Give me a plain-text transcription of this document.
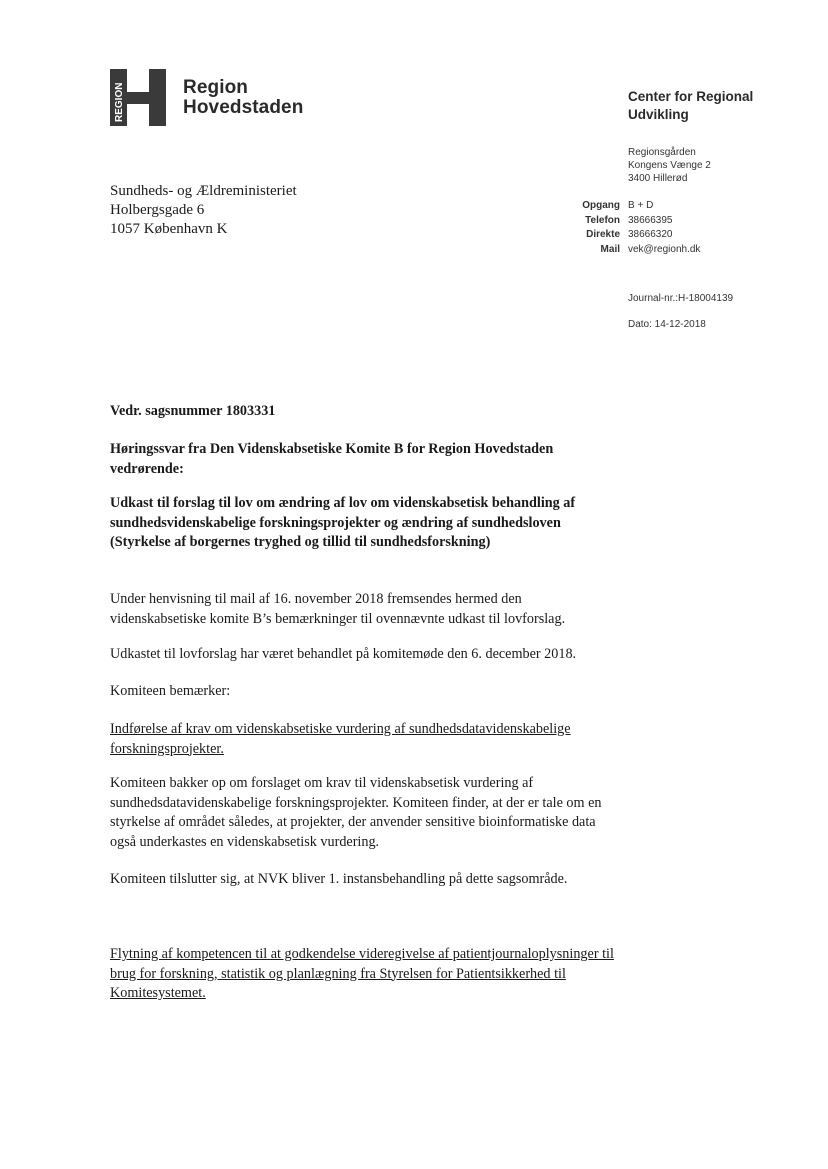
REGION	Region
Hovedstaden
Center for Regional
Udvikling
Regionsgården
Kongens Vænge 2
3400 Hillerød
Opgang
Telefon
Direkte
Mail
B + D
38666395
38666320
vek@regionh.dk
Journal-nr.:H-18004139
Dato: 14-12-2018
Sundheds- og Ældreministeriet
Holbergsgade 6
1057 København K

Vedr. sagsnummer 1803331

Høringssvar fra Den Videnskabsetiske Komite B for Region Hovedstaden vedrørende:

Udkast til forslag til lov om ændring af lov om videnskabsetisk behandling af sundhedsvidenskabelige forskningsprojekter og ændring af sundhedsloven (Styrkelse af borgernes tryghed og tillid til sundhedsforskning)

Under henvisning til mail af 16. november 2018 fremsendes hermed den videnskabsetiske komite B’s bemærkninger til ovennævnte udkast til lovforslag.

Udkastet til lovforslag har været behandlet på komitemøde den 6. december 2018.

Komiteen bemærker:

Indførelse af krav om videnskabsetiske vurdering af sundhedsdatavidenskabelige forskningsprojekter.

Komiteen bakker op om forslaget om krav til videnskabsetisk vurdering af sundhedsdatavidenskabelige forskningsprojekter. Komiteen finder, at der er tale om en styrkelse af området således, at projekter, der anvender sensitive bioinformatiske data også underkastes en videnskabsetisk vurdering.

Komiteen tilslutter sig, at NVK bliver 1. instansbehandling på dette sagsområde.

Flytning af kompetencen til at godkendelse videregivelse af patientjournaloplysninger til brug for forskning, statistik og planlægning fra Styrelsen for Patientsikkerhed til Komitesystemet.
